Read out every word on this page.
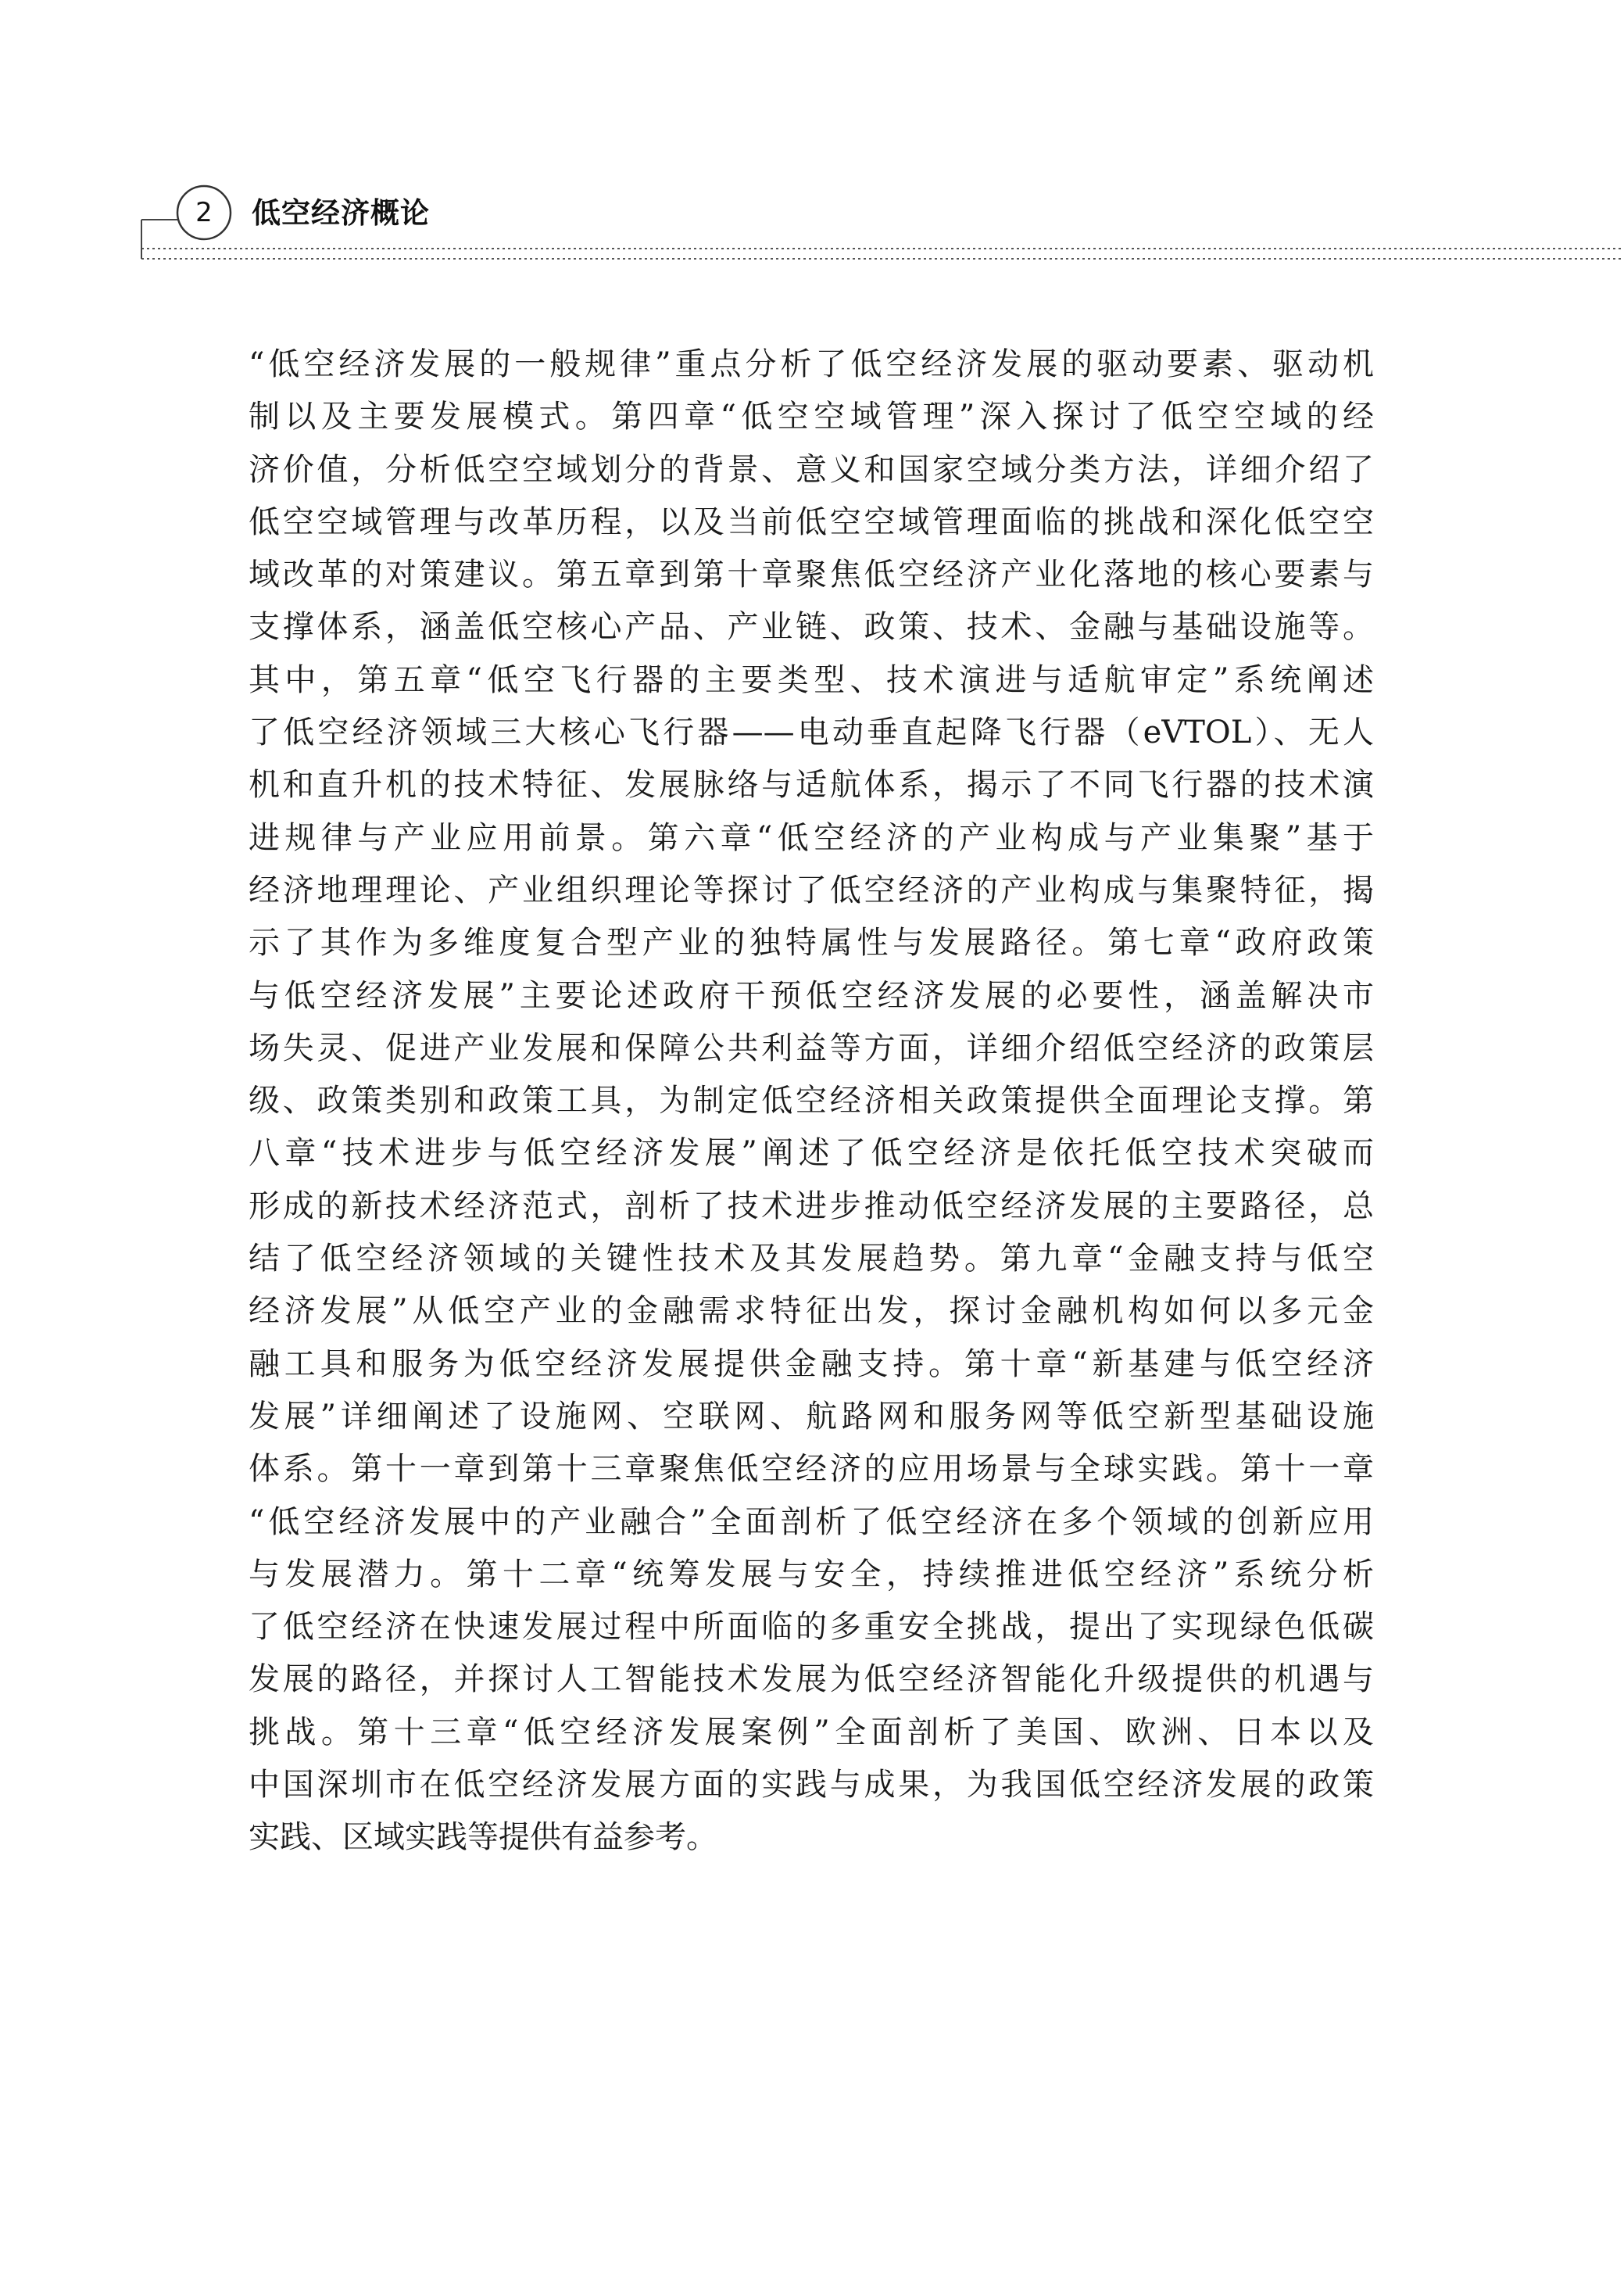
2	低空经济概论
“低空经济发展的一般规律”重点分析了低空经济发展的驱动要素、驱动机
制以及主要发展模式。第四章“低空空域管理”深入探讨了低空空域的经
济价值，分析低空空域划分的背景、意义和国家空域分类方法，详细介绍了
低空空域管理与改革历程，以及当前低空空域管理面临的挑战和深化低空空
域改革的对策建议。第五章到第十章聚焦低空经济产业化落地的核心要素与
支撑体系，涵盖低空核心产品、产业链、政策、技术、金融与基础设施等。
其中，第五章“低空飞行器的主要类型、技术演进与适航审定”系统阐述
了低空经济领域三大核心飞行器——电动垂直起降飞行器（eVTOL）、无人
机和直升机的技术特征、发展脉络与适航体系，揭示了不同飞行器的技术演
进规律与产业应用前景。第六章“低空经济的产业构成与产业集聚”基于
经济地理理论、产业组织理论等探讨了低空经济的产业构成与集聚特征，揭
示了其作为多维度复合型产业的独特属性与发展路径。第七章“政府政策
与低空经济发展”主要论述政府干预低空经济发展的必要性，涵盖解决市
场失灵、促进产业发展和保障公共利益等方面，详细介绍低空经济的政策层
级、政策类别和政策工具，为制定低空经济相关政策提供全面理论支撑。第
八章“技术进步与低空经济发展”阐述了低空经济是依托低空技术突破而
形成的新技术经济范式，剖析了技术进步推动低空经济发展的主要路径，总
结了低空经济领域的关键性技术及其发展趋势。第九章“金融支持与低空
经济发展”从低空产业的金融需求特征出发，探讨金融机构如何以多元金
融工具和服务为低空经济发展提供金融支持。第十章“新基建与低空经济
发展”详细阐述了设施网、空联网、航路网和服务网等低空新型基础设施
体系。第十一章到第十三章聚焦低空经济的应用场景与全球实践。第十一章
“低空经济发展中的产业融合”全面剖析了低空经济在多个领域的创新应用
与发展潜力。第十二章“统筹发展与安全，持续推进低空经济”系统分析
了低空经济在快速发展过程中所面临的多重安全挑战，提出了实现绿色低碳
发展的路径，并探讨人工智能技术发展为低空经济智能化升级提供的机遇与
挑战。第十三章“低空经济发展案例”全面剖析了美国、欧洲、日本以及
中国深圳市在低空经济发展方面的实践与成果，为我国低空经济发展的政策
实践、区域实践等提供有益参考。
